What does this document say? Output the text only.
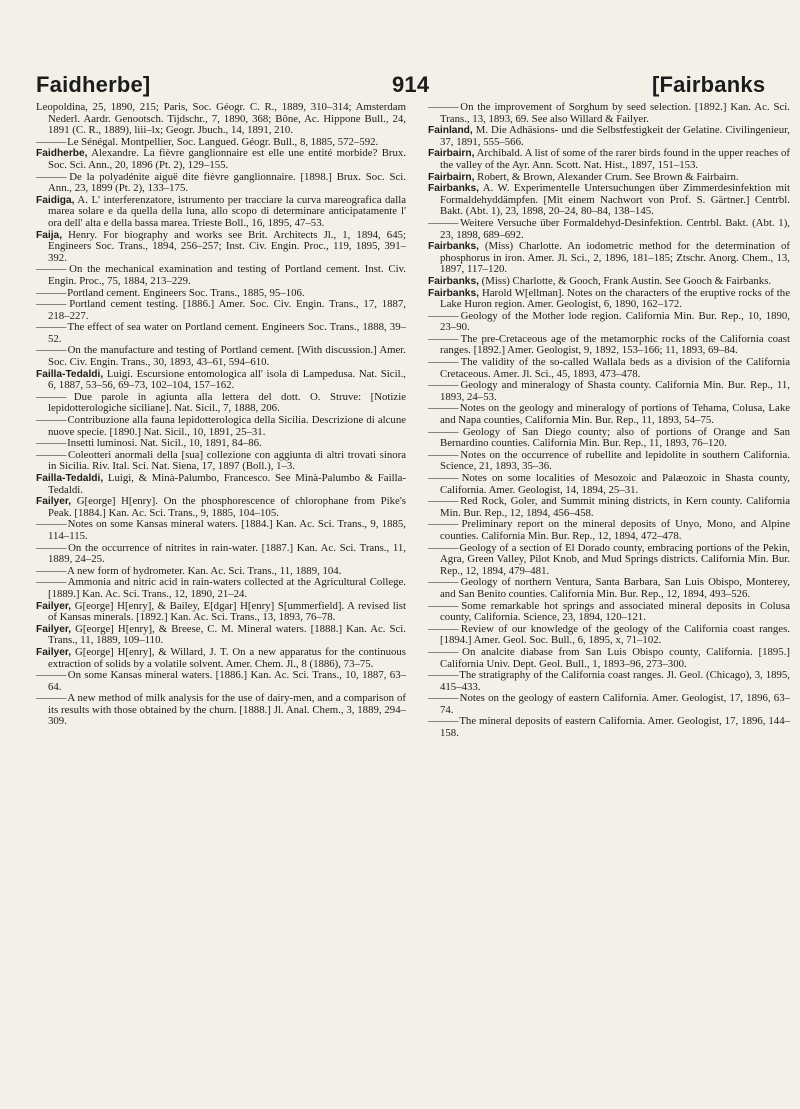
Faidherbe]	914	[Fairbanks

Leopoldina, 25, 1890, 215; Paris, Soc. Géogr. C. R., 1889, 310–314; Amsterdam Nederl. Aardr. Genootsch. Tijdschr., 7, 1890, 368; Bône, Ac. Hippone Bull., 24, 1891 (C. R., 1889), liii–lx; Geogr. Jbuch., 14, 1891, 210.

——— Le Sénégal. Montpellier, Soc. Langued. Géogr. Bull., 8, 1885, 572–592.

Faidherbe, Alexandre. La fièvre ganglionnaire est elle une entité morbide? Brux. Soc. Sci. Ann., 20, 1896 (Pt. 2), 129–155.

——— De la polyadénite aiguë dite fièvre ganglionnaire. [1898.] Brux. Soc. Sci. Ann., 23, 1899 (Pt. 2), 133–175.

Faidiga, A. L' interferenzatore, istrumento per tracciare la curva mareografica dalla marea solare e da quella della luna, allo scopo di determinare anticipatamente l' ora dell' alta e della bassa marea. Trieste Boll., 16, 1895, 47–53.

Faija, Henry. For biography and works see Brit. Architects Jl., 1, 1894, 645; Engineers Soc. Trans., 1894, 256–257; Inst. Civ. Engin. Proc., 119, 1895, 391–392.

——— On the mechanical examination and testing of Portland cement. Inst. Civ. Engin. Proc., 75, 1884, 213–229.

——— Portland cement. Engineers Soc. Trans., 1885, 95–106.

——— Portland cement testing. [1886.] Amer. Soc. Civ. Engin. Trans., 17, 1887, 218–227.

——— The effect of sea water on Portland cement. Engineers Soc. Trans., 1888, 39–52.

——— On the manufacture and testing of Portland cement. [With discussion.] Amer. Soc. Civ. Engin. Trans., 30, 1893, 43–61, 594–610.

Failla-Tedaldi, Luigi. Escursione entomologica all' isola di Lampedusa. Nat. Sicil., 6, 1887, 53–56, 69–73, 102–104, 157–162.

——— Due parole in agiunta alla lettera del dott. O. Struve: [Notizie lepidotterologiche siciliane]. Nat. Sicil., 7, 1888, 206.

——— Contribuzione alla fauna lepidotterologica della Sicilia. Descrizione di alcune nuove specie. [1890.] Nat. Sicil., 10, 1891, 25–31.

——— Insetti luminosi. Nat. Sicil., 10, 1891, 84–86.

——— Coleotteri anormali della [sua] collezione con aggiunta di altri trovati sinora in Sicilia. Riv. Ital. Sci. Nat. Siena, 17, 1897 (Boll.), 1–3.

Failla-Tedaldi, Luigi, & Minà-Palumbo, Francesco. See Minà-Palumbo & Failla-Tedaldi.

Failyer, G[eorge] H[enry]. On the phosphorescence of chlorophane from Pike's Peak. [1884.] Kan. Ac. Sci. Trans., 9, 1885, 104–105.

——— Notes on some Kansas mineral waters. [1884.] Kan. Ac. Sci. Trans., 9, 1885, 114–115.

——— On the occurrence of nitrites in rain-water. [1887.] Kan. Ac. Sci. Trans., 11, 1889, 24–25.

——— A new form of hydrometer. Kan. Ac. Sci. Trans., 11, 1889, 104.

——— Ammonia and nitric acid in rain-waters collected at the Agricultural College. [1889.] Kan. Ac. Sci. Trans., 12, 1890, 21–24.

Failyer, G[eorge] H[enry], & Bailey, E[dgar] H[enry] S[ummerfield]. A revised list of Kansas minerals. [1892.] Kan. Ac. Sci. Trans., 13, 1893, 76–78.

Failyer, G[eorge] H[enry], & Breese, C. M. Mineral waters. [1888.] Kan. Ac. Sci. Trans., 11, 1889, 109–110.

Failyer, G[eorge] H[enry], & Willard, J. T. On a new apparatus for the continuous extraction of solids by a volatile solvent. Amer. Chem. Jl., 8 (1886), 73–75.

——— On some Kansas mineral waters. [1886.] Kan. Ac. Sci. Trans., 10, 1887, 63–64.

——— A new method of milk analysis for the use of dairy-men, and a comparison of its results with those obtained by the churn. [1888.] Jl. Anal. Chem., 3, 1889, 294–309.

——— On the improvement of Sorghum by seed selection. [1892.] Kan. Ac. Sci. Trans., 13, 1893, 69. See also Willard & Failyer.

Fainland, M. Die Adhäsions- und die Selbstfestigkeit der Gelatine. Civilingenieur, 37, 1891, 555–566.

Fairbairn, Archibald. A list of some of the rarer birds found in the upper reaches of the valley of the Ayr. Ann. Scott. Nat. Hist., 1897, 151–153.

Fairbairn, Robert, & Brown, Alexander Crum. See Brown & Fairbairn.

Fairbanks, A. W. Experimentelle Untersuchungen über Zimmerdesinfektion mit Formaldehyddämpfen. [Mit einem Nachwort von Prof. S. Gärtner.] Centrbl. Bakt. (Abt. 1), 23, 1898, 20–24, 80–84, 138–145.

——— Weitere Versuche über Formaldehyd-Desinfektion. Centrbl. Bakt. (Abt. 1), 23, 1898, 689–692.

Fairbanks, (Miss) Charlotte. An iodometric method for the determination of phosphorus in iron. Amer. Jl. Sci., 2, 1896, 181–185; Ztschr. Anorg. Chem., 13, 1897, 117–120.

Fairbanks, (Miss) Charlotte, & Gooch, Frank Austin. See Gooch & Fairbanks.

Fairbanks, Harold W[ellman]. Notes on the characters of the eruptive rocks of the Lake Huron region. Amer. Geologist, 6, 1890, 162–172.

——— Geology of the Mother lode region. California Min. Bur. Rep., 10, 1890, 23–90.

——— The pre-Cretaceous age of the metamorphic rocks of the California coast ranges. [1892.] Amer. Geologist, 9, 1892, 153–166; 11, 1893, 69–84.

——— The validity of the so-called Wallala beds as a division of the California Cretaceous. Amer. Jl. Sci., 45, 1893, 473–478.

——— Geology and mineralogy of Shasta county. California Min. Bur. Rep., 11, 1893, 24–53.

——— Notes on the geology and mineralogy of portions of Tehama, Colusa, Lake and Napa counties, California Min. Bur. Rep., 11, 1893, 54–75.

——— Geology of San Diego county; also of portions of Orange and San Bernardino counties. California Min. Bur. Rep., 11, 1893, 76–120.

——— Notes on the occurrence of rubellite and lepidolite in southern California. Science, 21, 1893, 35–36.

——— Notes on some localities of Mesozoic and Palæozoic in Shasta county, California. Amer. Geologist, 14, 1894, 25–31.

——— Red Rock, Goler, and Summit mining districts, in Kern county. California Min. Bur. Rep., 12, 1894, 456–458.

——— Preliminary report on the mineral deposits of Unyo, Mono, and Alpine counties. California Min. Bur. Rep., 12, 1894, 472–478.

——— Geology of a section of El Dorado county, embracing portions of the Pekin, Agra, Green Valley, Pilot Knob, and Mud Springs districts. California Min. Bur. Rep., 12, 1894, 479–481.

——— Geology of northern Ventura, Santa Barbara, San Luis Obispo, Monterey, and San Benito counties. California Min. Bur. Rep., 12, 1894, 493–526.

——— Some remarkable hot springs and associated mineral deposits in Colusa county, California. Science, 23, 1894, 120–121.

——— Review of our knowledge of the geology of the California coast ranges. [1894.] Amer. Geol. Soc. Bull., 6, 1895, x, 71–102.

——— On analcite diabase from San Luis Obispo county, California. [1895.] California Univ. Dept. Geol. Bull., 1, 1893–96, 273–300.

——— The stratigraphy of the California coast ranges. Jl. Geol. (Chicago), 3, 1895, 415–433.

——— Notes on the geology of eastern California. Amer. Geologist, 17, 1896, 63–74.

——— The mineral deposits of eastern California. Amer. Geologist, 17, 1896, 144–158.
